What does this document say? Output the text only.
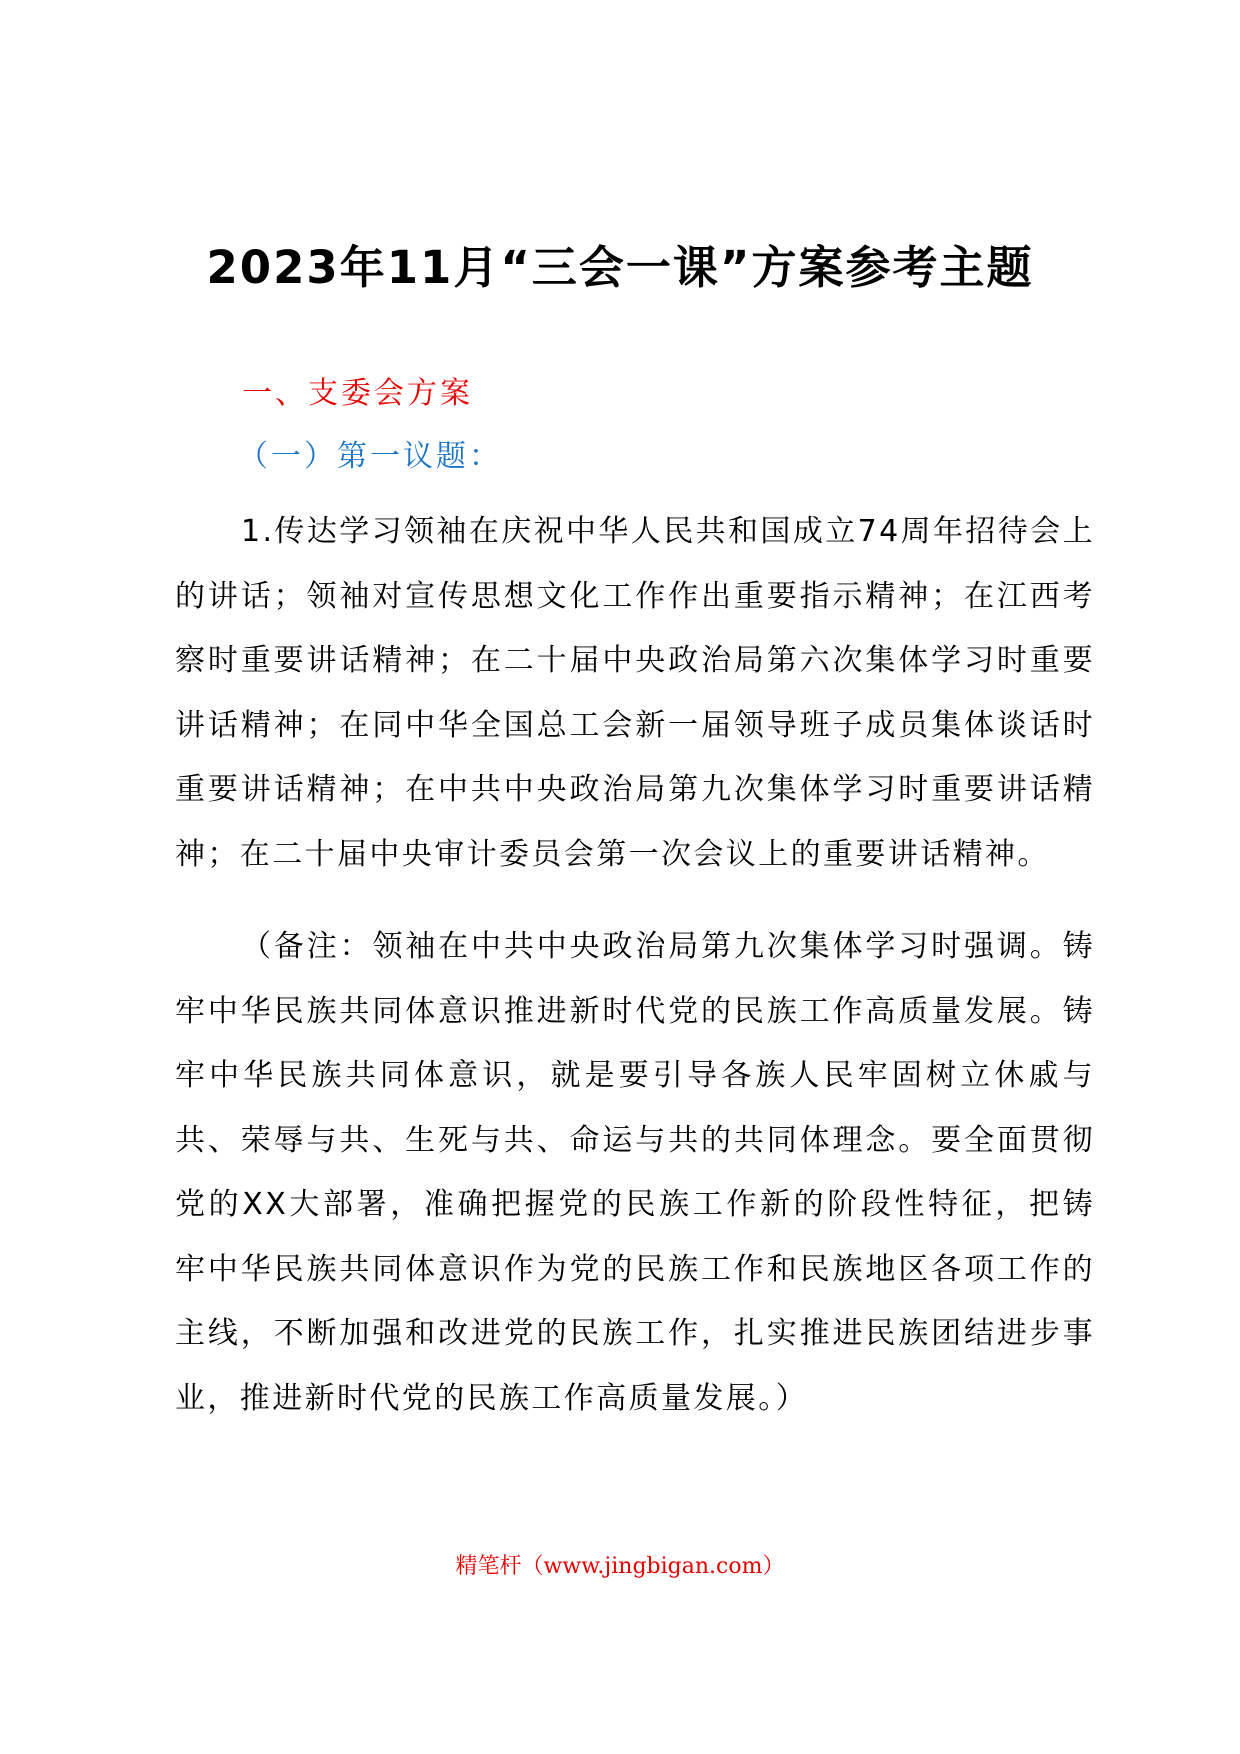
2023年11月“三会一课”方案参考主题
一、支委会方案
（一）第一议题：
1.传达学习领袖在庆祝中华人民共和国成立74周年招待会上的讲话；领袖对宣传思想文化工作作出重要指示精神；在江西考察时重要讲话精神；在二十届中央政治局第六次集体学习时重要讲话精神；在同中华全国总工会新一届领导班子成员集体谈话时重要讲话精神；在中共中央政治局第九次集体学习时重要讲话精神；在二十届中央审计委员会第一次会议上的重要讲话精神。
（备注：领袖在中共中央政治局第九次集体学习时强调。铸牢中华民族共同体意识推进新时代党的民族工作高质量发展。铸牢中华民族共同体意识，就是要引导各族人民牢固树立休戚与共、荣辱与共、生死与共、命运与共的共同体理念。要全面贯彻党的XX大部署，准确把握党的民族工作新的阶段性特征，把铸牢中华民族共同体意识作为党的民族工作和民族地区各项工作的主线，不断加强和改进党的民族工作，扎实推进民族团结进步事业，推进新时代党的民族工作高质量发展。）
精笔杆（www.jingbigan.com）
